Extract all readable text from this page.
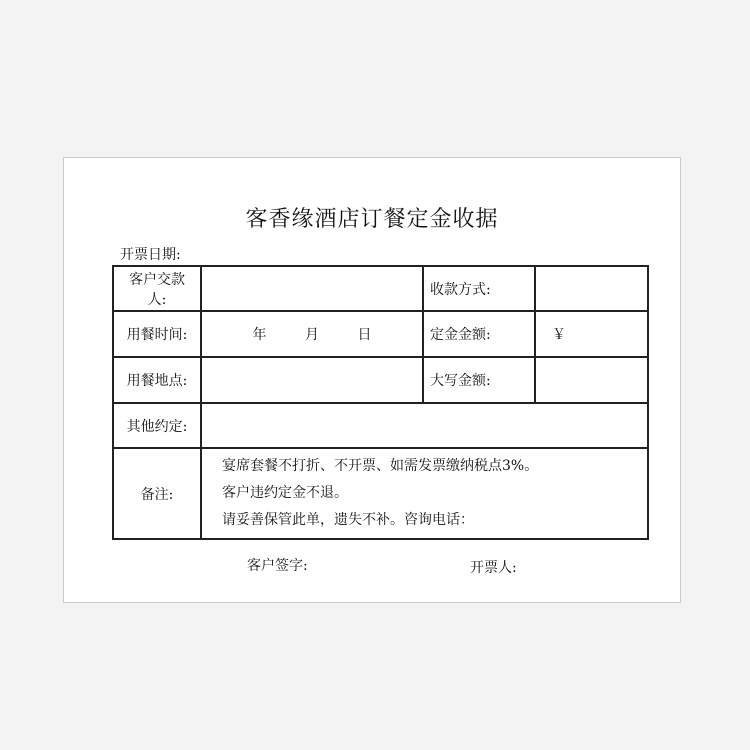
客香缘酒店订餐定金收据
开票日期:
客户交款人:		收款方式:	
用餐时间:	年 月 日	定金金额:	￥
用餐地点:		大写金额:	
其他约定:			
备注:	宴席套餐不打折、不开票、如需发票缴纳税点3%。
客户违约定金不退。
请妥善保管此单，遗失不补。咨询电话：		
客户签字:	开票人:
